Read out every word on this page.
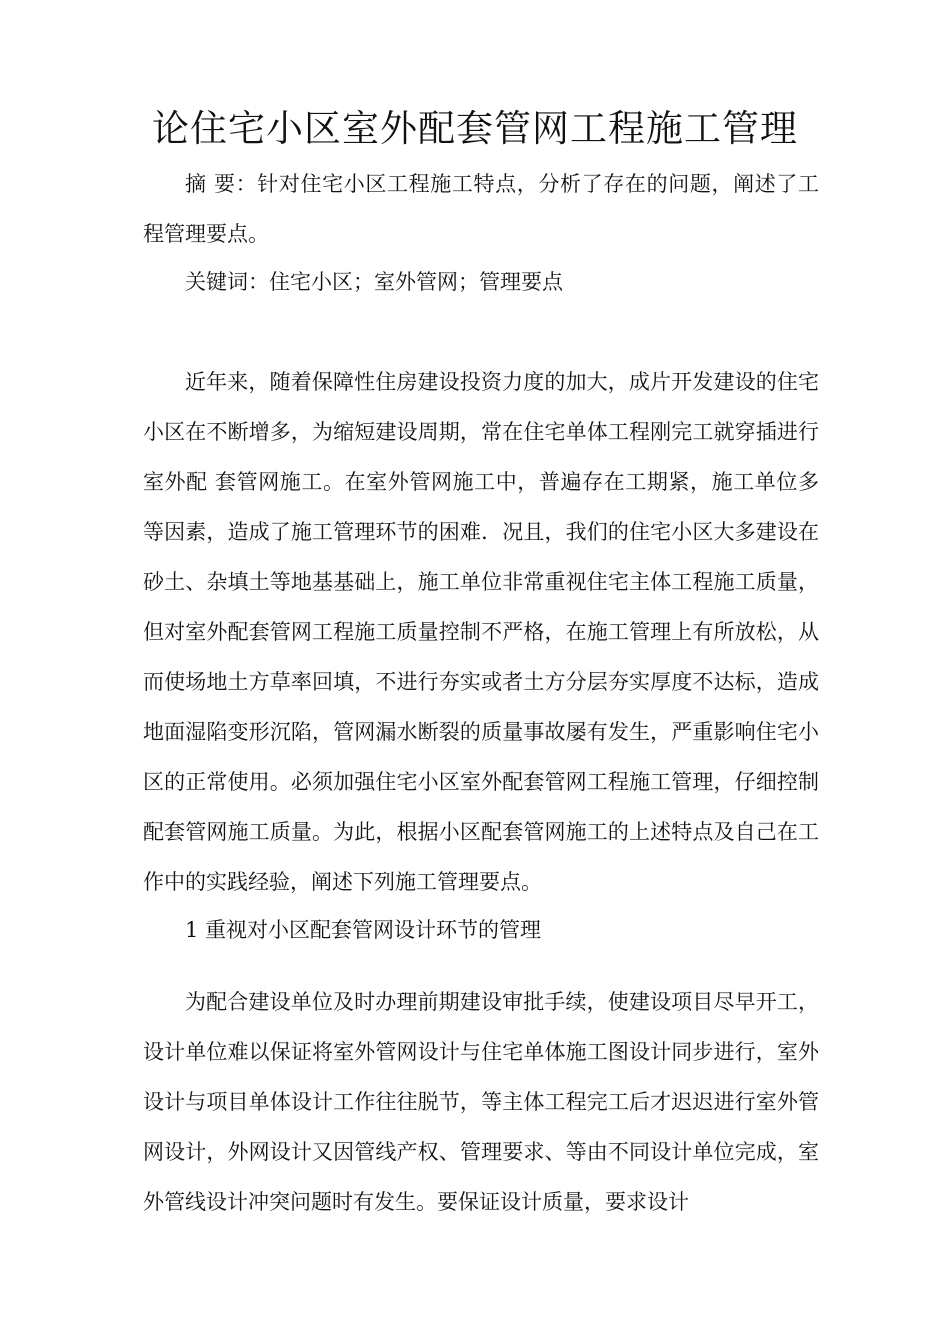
论住宅小区室外配套管网工程施工管理

摘 要：针对住宅小区工程施工特点，分析了存在的问题，阐述了工程管理要点。

关键词：住宅小区；室外管网；管理要点

近年来，随着保障性住房建设投资力度的加大，成片开发建设的住宅小区在不断增多，为缩短建设周期，常在住宅单体工程刚完工就穿插进行室外配 套管网施工。在室外管网施工中，普遍存在工期紧，施工单位多等因素，造成了施工管理环节的困难．况且，我们的住宅小区大多建设在砂土、杂填土等地基基础上，施工单位非常重视住宅主体工程施工质量，但对室外配套管网工程施工质量控制不严格，在施工管理上有所放松，从而使场地土方草率回填，不进行夯实或者土方分层夯实厚度不达标，造成地面湿陷变形沉陷，管网漏水断裂的质量事故屡有发生，严重影响住宅小区的正常使用。必须加强住宅小区室外配套管网工程施工管理，仔细控制配套管网施工质量。为此，根据小区配套管网施工的上述特点及自己在工作中的实践经验，阐述下列施工管理要点。

1 重视对小区配套管网设计环节的管理

为配合建设单位及时办理前期建设审批手续，使建设项目尽早开工，设计单位难以保证将室外管网设计与住宅单体施工图设计同步进行，室外设计与项目单体设计工作往往脱节，等主体工程完工后才迟迟进行室外管网设计，外网设计又因管线产权、管理要求、等由不同设计单位完成，室外管线设计冲突问题时有发生。要保证设计质量，要求设计
